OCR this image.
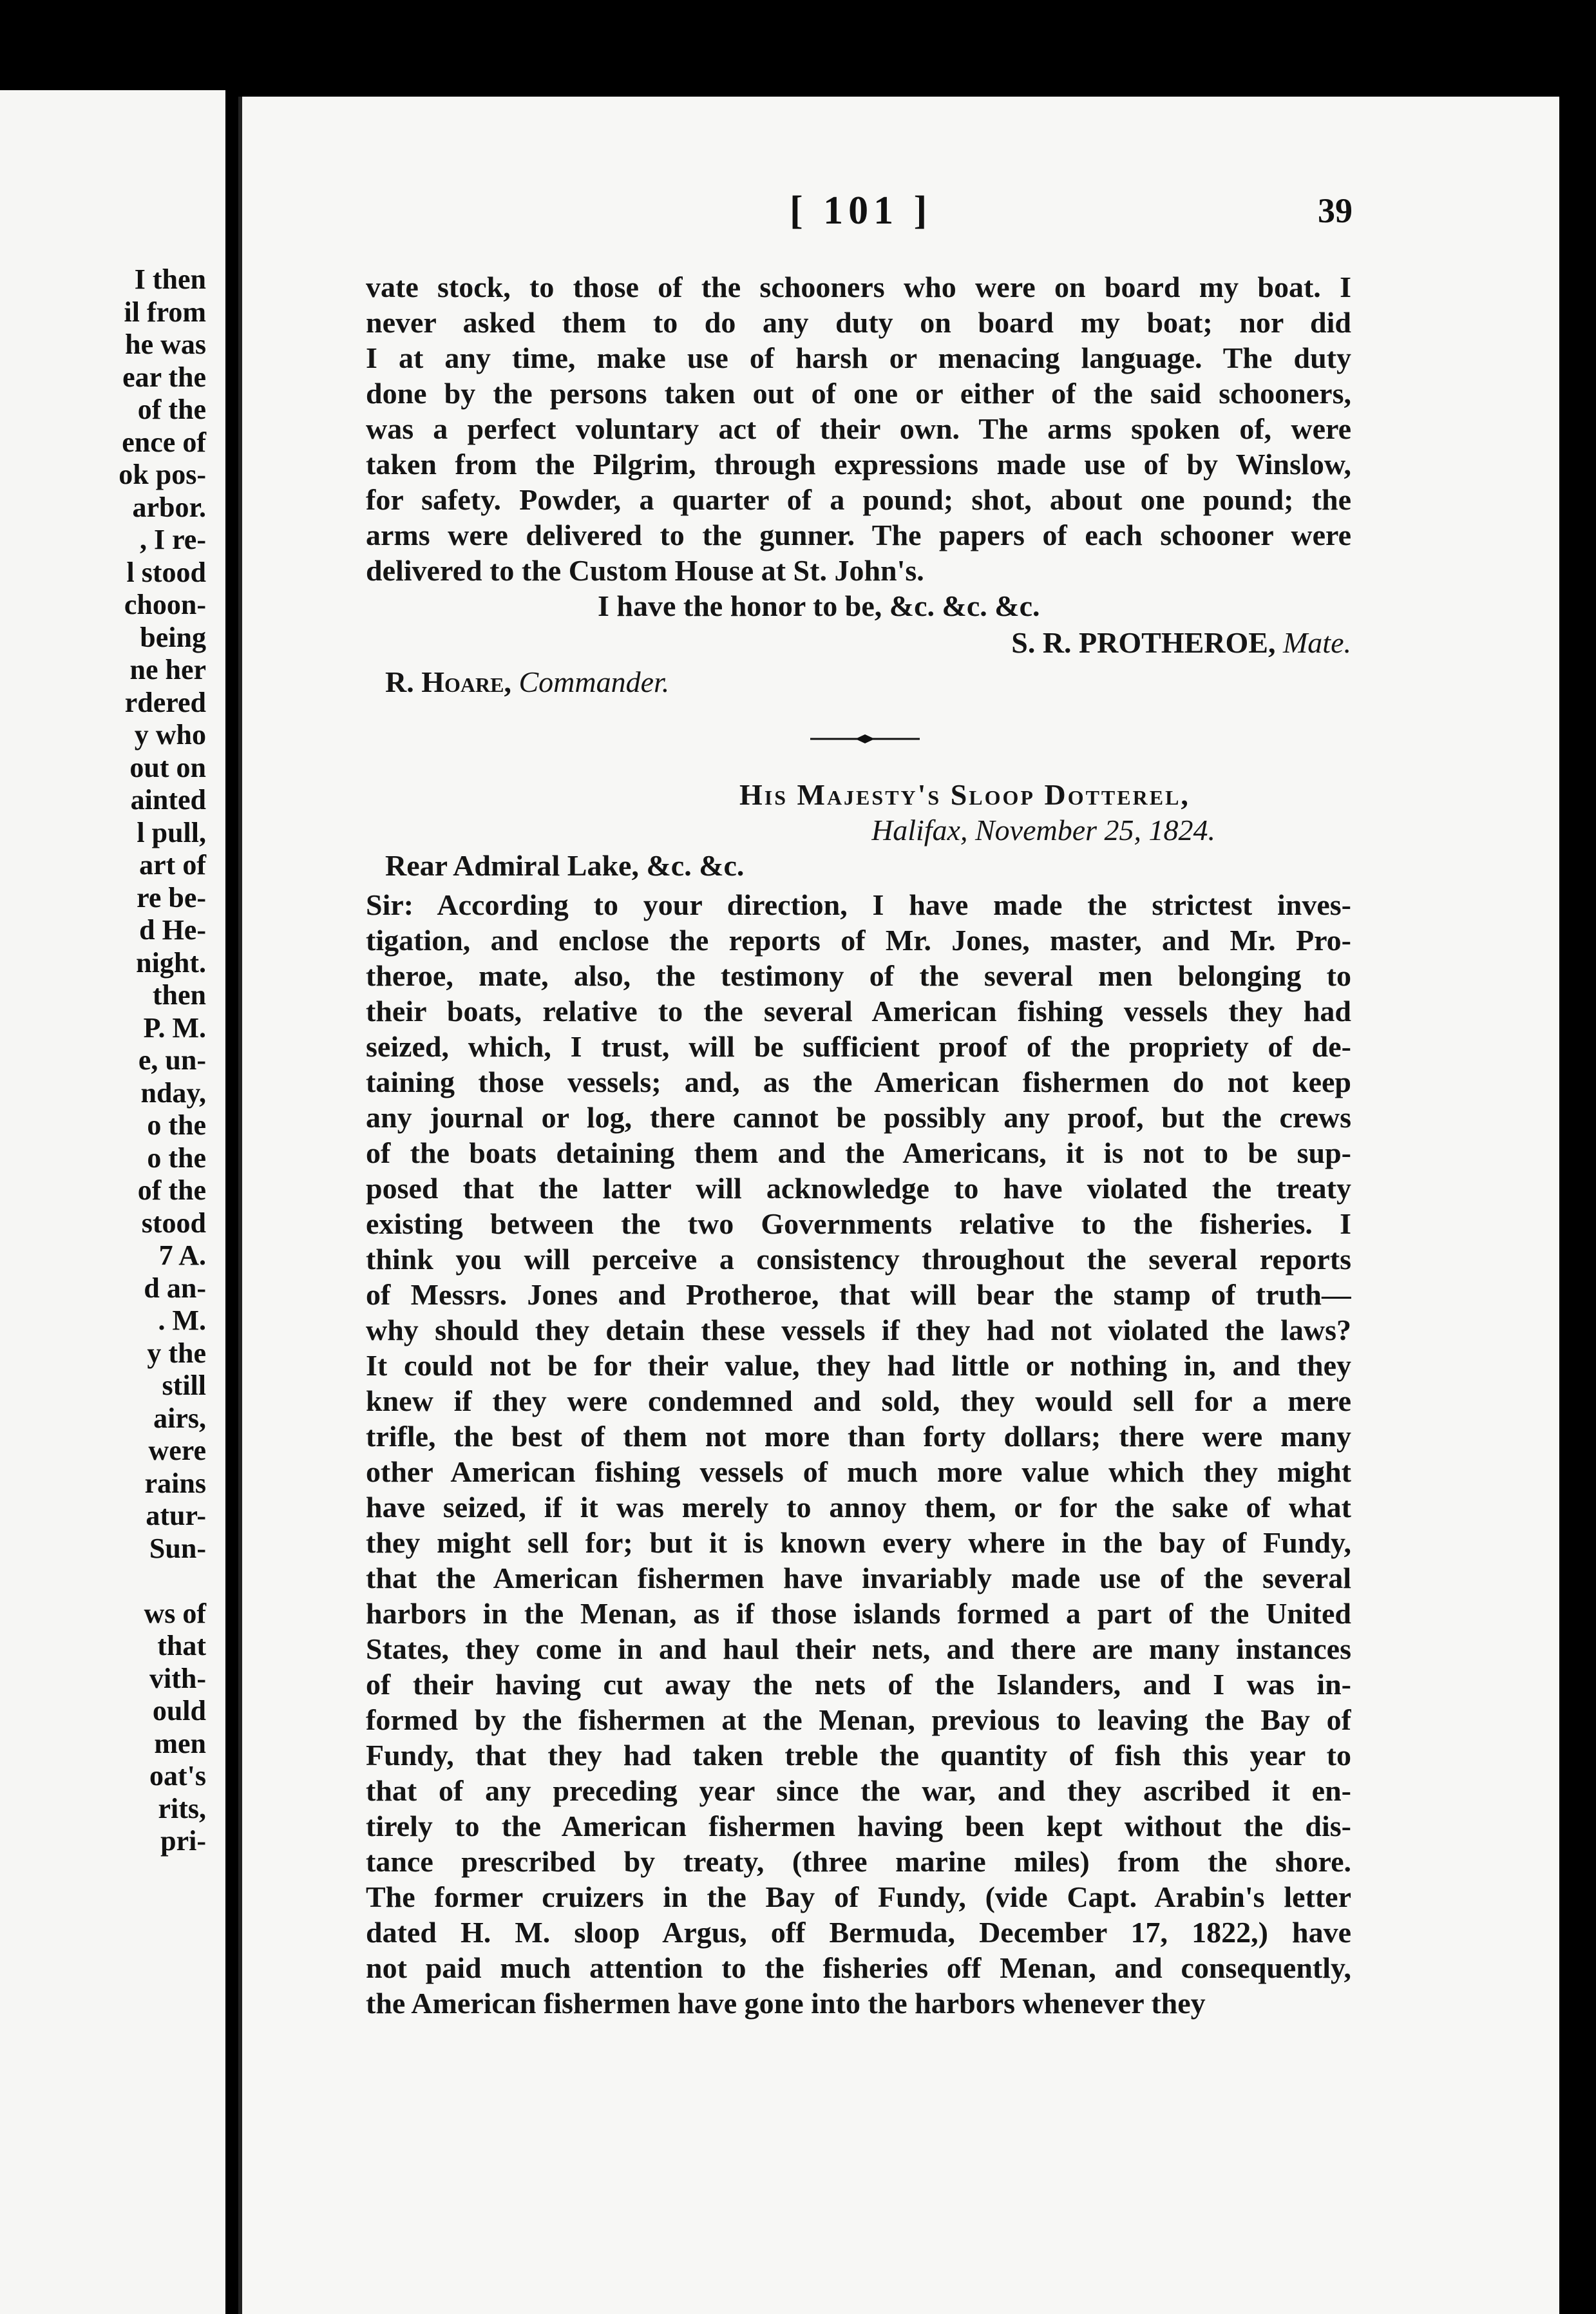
I then
il from
he was
ear the
of the
ence of
ok pos-
arbor.
, I re-
l stood
choon-
being
ne her
rdered
y who
out on
ainted
l pull,
art of
re be-
d He-
night.
then
P. M.
e, un-
nday,
o the
o the
of the
stood
7 A.
d an-
. M.
y the
still
airs,
were
rains
atur-
Sun-
ws of
that
vith-
ould
men
oat's
rits,
pri-
[ 101 ]	39
vate stock, to those of the schooners who were on board my boat. I
never asked them to do any duty on board my boat; nor did
I at any time, make use of harsh or menacing language. The duty
done by the persons taken out of one or either of the said schooners,
was a perfect voluntary act of their own. The arms spoken of, were
taken from the Pilgrim, through expressions made use of by Winslow,
for safety. Powder, a quarter of a pound; shot, about one pound; the
arms were delivered to the gunner. The papers of each schooner were
delivered to the Custom House at St. John's.
I have the honor to be, &c. &c. &c.
S. R. PROTHEROE, Mate.
R. Hoare, Commander.
His Majesty's Sloop Dotterel,
Halifax, November 25, 1824.
Rear Admiral Lake, &c. &c.
Sir: According to your direction, I have made the strictest inves-
tigation, and enclose the reports of Mr. Jones, master, and Mr. Pro-
theroe, mate, also, the testimony of the several men belonging to
their boats, relative to the several American fishing vessels they had
seized, which, I trust, will be sufficient proof of the propriety of de-
taining those vessels; and, as the American fishermen do not keep
any journal or log, there cannot be possibly any proof, but the crews
of the boats detaining them and the Americans, it is not to be sup-
posed that the latter will acknowledge to have violated the treaty
existing between the two Governments relative to the fisheries. I
think you will perceive a consistency throughout the several reports
of Messrs. Jones and Protheroe, that will bear the stamp of truth—
why should they detain these vessels if they had not violated the laws?
It could not be for their value, they had little or nothing in, and they
knew if they were condemned and sold, they would sell for a mere
trifle, the best of them not more than forty dollars; there were many
other American fishing vessels of much more value which they might
have seized, if it was merely to annoy them, or for the sake of what
they might sell for; but it is known every where in the bay of Fundy,
that the American fishermen have invariably made use of the several
harbors in the Menan, as if those islands formed a part of the United
States, they come in and haul their nets, and there are many instances
of their having cut away the nets of the Islanders, and I was in-
formed by the fishermen at the Menan, previous to leaving the Bay of
Fundy, that they had taken treble the quantity of fish this year to
that of any preceding year since the war, and they ascribed it en-
tirely to the American fishermen having been kept without the dis-
tance prescribed by treaty, (three marine miles) from the shore.
The former cruizers in the Bay of Fundy, (vide Capt. Arabin's letter
dated H. M. sloop Argus, off Bermuda, December 17, 1822,) have
not paid much attention to the fisheries off Menan, and consequently,
the American fishermen have gone into the harbors whenever they
